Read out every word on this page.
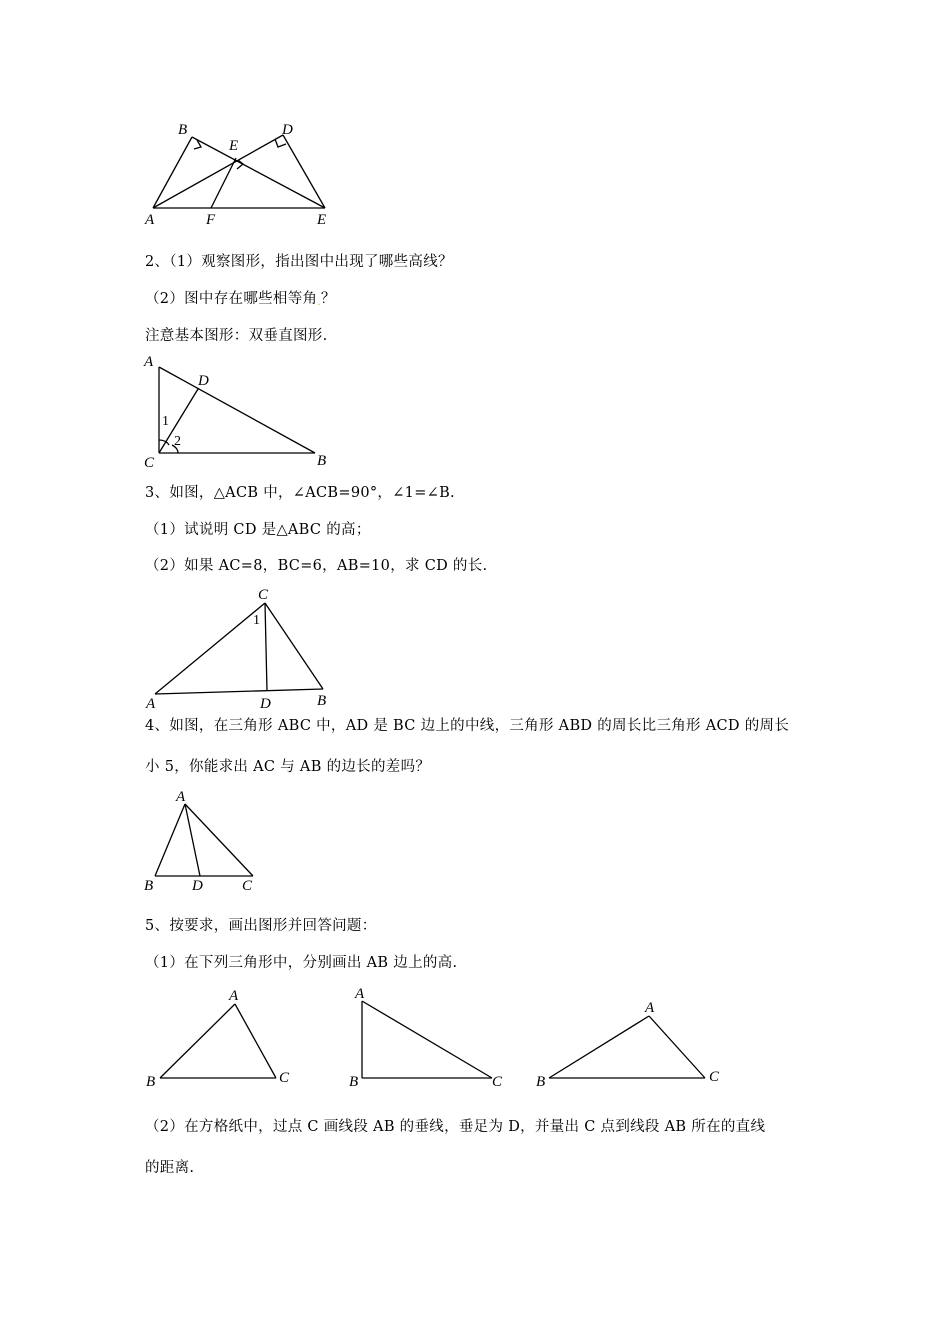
B
E
D
A	F	E
2、（1）观察图形，指出图中出现了哪些高线？
（2）图中存在哪些相等角.？
注意基本图形：双垂直图形.
A
D
C	B
1
2
3、如图，△ACB 中，∠ACB=90°，∠1=∠B.
（1）试说明 CD 是△ABC 的高；
（2）如果 AC=8，BC=6，AB=10，求 CD 的长.
C
1
A	D	B
4、如图，在三角形 ABC 中，AD 是 BC 边上的中线，三角形 ABD 的周长比三角形 ACD 的周长
小 5，你能求出 AC 与 AB 的边长的差吗？
A
B	D	C
5、按要求，画出图形并回答问题：
（1）在下列三角形中，分别画出 AB 边上的高.
A
B	C
A
B	C
A
B	C
（2）在方格纸中，过点 C 画线段 AB 的垂线，垂足为 D，并量出 C 点到线段 AB 所在的直线
的距离.
